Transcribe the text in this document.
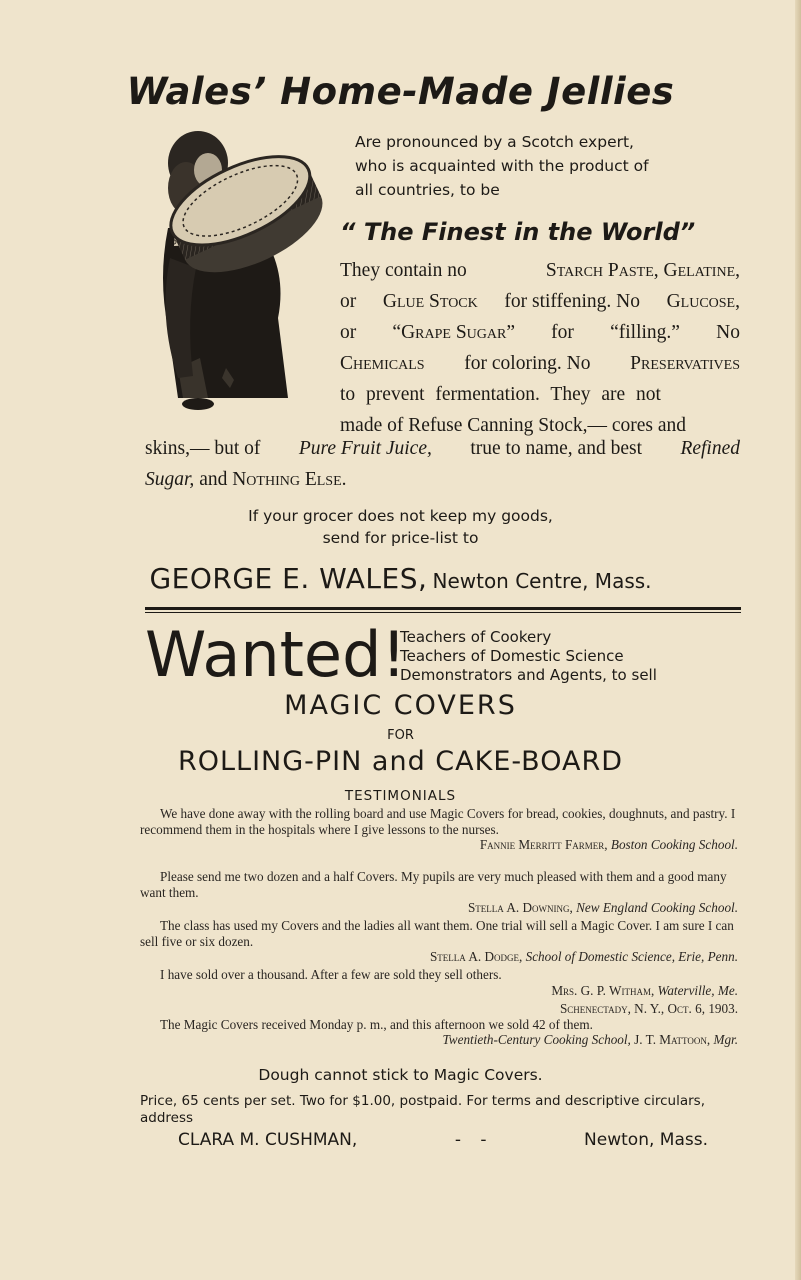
Wales’ Home-Made Jellies
Are pronounced by a Scotch expert,
who is acquainted with the product of
all countries, to be
“ The Finest in the World”
They contain no	Starch Paste, Gelatine,
or Glue Stock for stiffening. No Glucose,
or “Grape Sugar” for “filling.” No
Chemicals for coloring. No Preservatives
to prevent fermentation. They are not
made of Refuse Canning Stock,— cores and
skins,— but of Pure Fruit Juice, true to name, and best Refined
Sugar, and Nothing Else.
If your grocer does not keep my goods,
send for price-list to
GEORGE E. WALES, Newton Centre, Mass.
Wanted!
Teachers of Cookery
Teachers of Domestic Science
Demonstrators and Agents, to sell
MAGIC COVERS
FOR
ROLLING-PIN and CAKE-BOARD
TESTIMONIALS

We have done away with the rolling board and use Magic Covers for bread, cookies, doughnuts, and pastry. I recommend them in the hospitals where I give lessons to the nurses.

Fannie Merritt Farmer, Boston Cooking School.

Please send me two dozen and a half Covers. My pupils are very much pleased with them and a good many want them.

Stella A. Downing, New England Cooking School.

The class has used my Covers and the ladies all want them. One trial will sell a Magic Cover. I am sure I can sell five or six dozen.

Stella A. Dodge, School of Domestic Science, Erie, Penn.

I have sold over a thousand. After a few are sold they sell others.

Mrs. G. P. Witham, Waterville, Me.
Schenectady, N. Y., Oct. 6, 1903.

The Magic Covers received Monday p. m., and this afternoon we sold 42 of them.

Twentieth-Century Cooking School, J. T. Mattoon, Mgr.
Dough cannot stick to Magic Covers.
Price, 65 cents per set. Two for $1.00, postpaid. For terms and descriptive circulars, address
CLARA M. CUSHMAN,	- -	Newton, Mass.
